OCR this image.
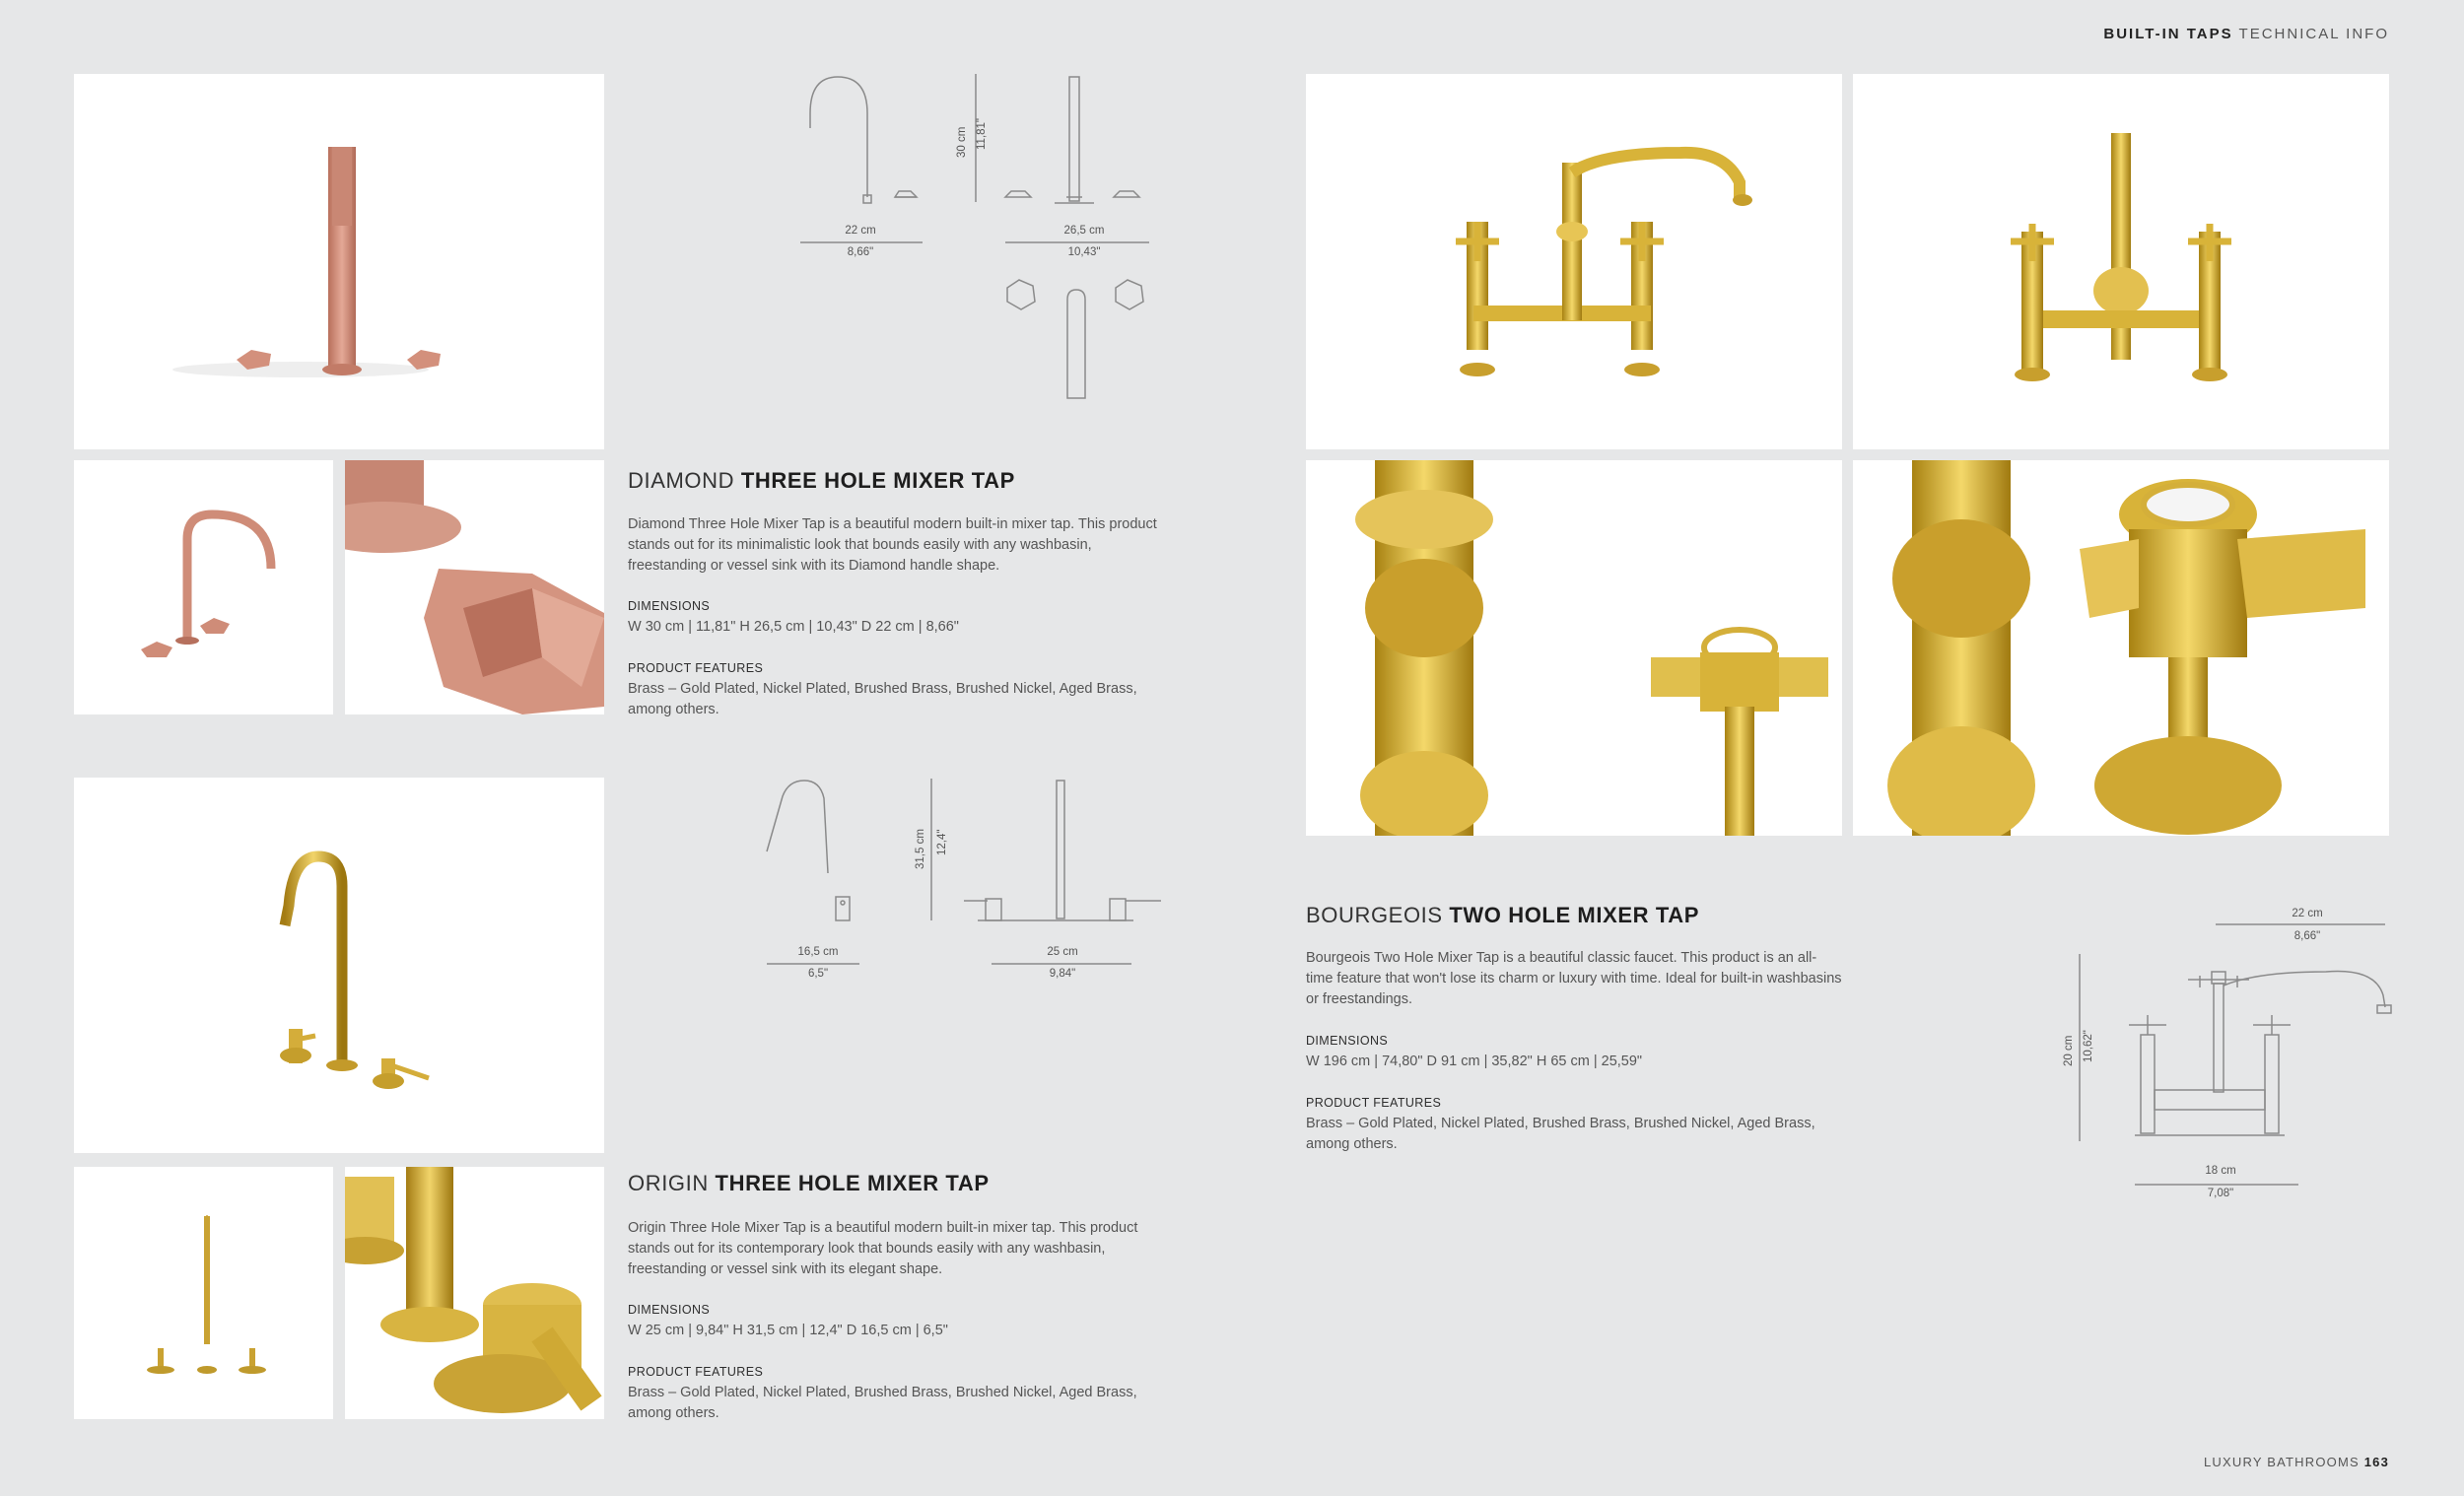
BUILT-IN TAPS TECHNICAL INFO
22 cm
8,66"
26,5 cm
10,43"
30 cm 11,81"
DIAMOND THREE HOLE MIXER TAP
Diamond Three Hole Mixer Tap is a beautiful modern built-in mixer tap. This product stands out for its minimalistic look that bounds easily with any washbasin, freestanding or vessel sink with its Diamond handle shape.
DIMENSIONS
W 30 cm | 11,81" H 26,5 cm | 10,43" D 22 cm | 8,66"
PRODUCT FEATURES
Brass – Gold Plated, Nickel Plated, Brushed Brass, Brushed Nickel, Aged Brass, among others.
16,5 cm
6,5"
25 cm
9,84"
31,5 cm 12,4"
ORIGIN THREE HOLE MIXER TAP
Origin Three Hole Mixer Tap is a beautiful modern built-in mixer tap. This product stands out for its contemporary look that bounds easily with any washbasin, freestanding or vessel sink with its elegant shape.
DIMENSIONS
W 25 cm | 9,84" H 31,5 cm | 12,4" D 16,5 cm | 6,5"
PRODUCT FEATURES
Brass – Gold Plated, Nickel Plated, Brushed Brass, Brushed Nickel, Aged Brass, among others.
BOURGEOIS TWO HOLE MIXER TAP
Bourgeois Two Hole Mixer Tap is a beautiful classic faucet. This product is an all-time feature that won't lose its charm or luxury with time. Ideal for built-in washbasins or freestandings.
DIMENSIONS
W 196 cm | 74,80" D 91 cm | 35,82" H 65 cm | 25,59"
PRODUCT FEATURES
Brass – Gold Plated, Nickel Plated, Brushed Brass, Brushed Nickel, Aged Brass, among others.
22 cm
8,66"
20 cm 10,62"
18 cm
7,08"
LUXURY BATHROOMS 163
